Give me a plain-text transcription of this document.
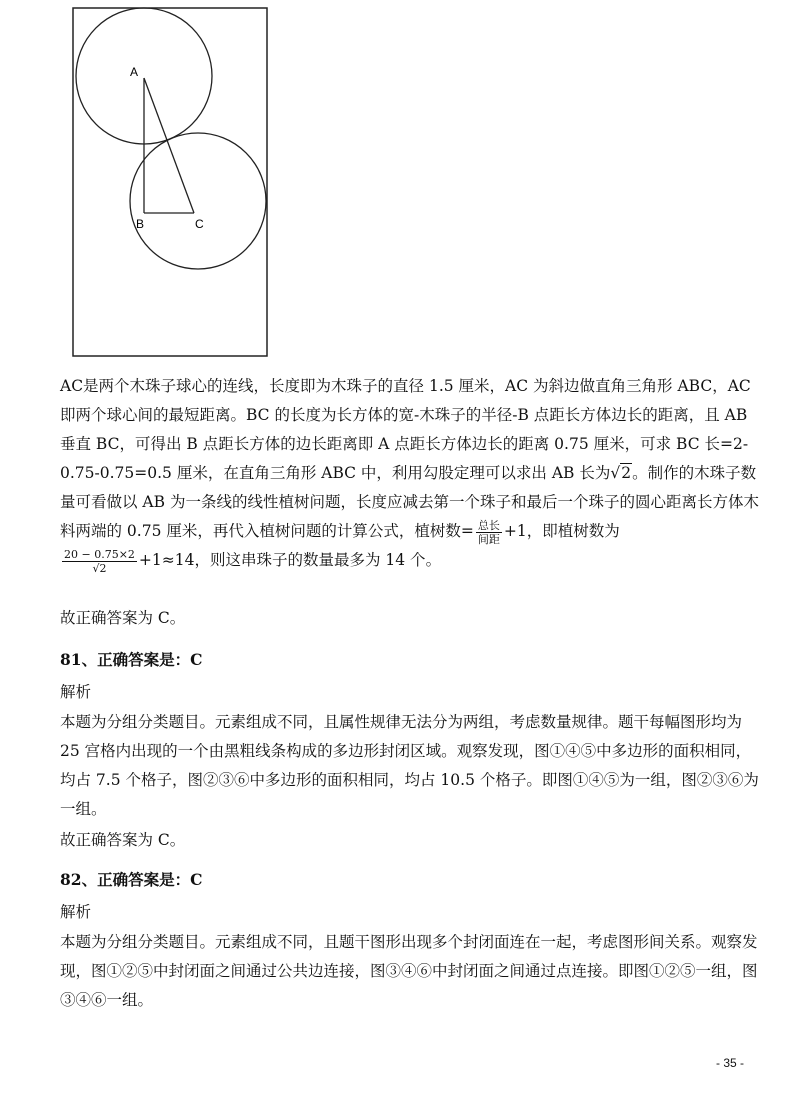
A
B	C

AC是两个木珠子球心的连线，长度即为木珠子的直径 1.5 厘米，AC 为斜边做直角三角形 ABC，AC 即两个球心间的最短距离。BC 的长度为长方体的宽-木珠子的半径-B 点距长方体边长的距离，且 AB 垂直 BC，可得出 B 点距长方体的边长距离即 A 点距长方体边长的距离 0.75 厘米，可求 BC 长=2-0.75-0.75=0.5 厘米，在直角三角形 ABC 中，利用勾股定理可以求出 AB 长为√2。制作的木珠子数量可看做以 AB 为一条线的线性植树问题，长度应减去第一个珠子和最后一个珠子的圆心距离长方体木料两端的 0.75 厘米，再代入植树问题的计算公式，植树数= $\frac{\text{总长}}{\text{间距}} +1$，即植树数为

$\frac{20 - 0.75\times 2}{√2} +1\approx 14$，则这串珠子的数量最多为 14 个。

故正确答案为 C。

81、正确答案是：C

解析

本题为分组分类题目。元素组成不同，且属性规律无法分为两组，考虑数量规律。题干每幅图形均为 25 宫格内出现的一个由黑粗线条构成的多边形封闭区域。观察发现，图①④⑤中多边形的面积相同，均占 7.5 个格子，图②③⑥中多边形的面积相同，均占 10.5 个格子。即图①④⑤为一组，图②③⑥为一组。

故正确答案为 C。

82、正确答案是：C

解析

本题为分组分类题目。元素组成不同，且题干图形出现多个封闭面连在一起，考虑图形间关系。观察发现，图①②⑤中封闭面之间通过公共边连接，图③④⑥中封闭面之间通过点连接。即图①②⑤一组，图③④⑥一组。

- 35 -
